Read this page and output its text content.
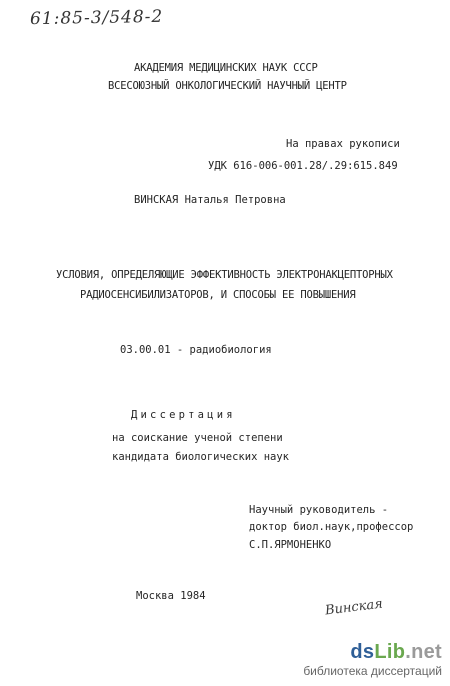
61:85-3/548-2
АКАДЕМИЯ МЕДИЦИНСКИХ НАУК СССР
ВСЕСОЮЗНЫЙ ОНКОЛОГИЧЕСКИЙ НАУЧНЫЙ ЦЕНТР
На правах рукописи
УДК 616-006-001.28/.29:615.849
ВИНСКАЯ Наталья Петровна
УСЛОВИЯ, ОПРЕДЕЛЯЮЩИЕ ЭФФЕКТИВНОСТЬ ЭЛЕКТРОНАКЦЕПТОРНЫХ
РАДИОСЕНСИБИЛИЗАТОРОВ, И СПОСОБЫ ЕЕ ПОВЫШЕНИЯ
03.00.01 - радиобиология
Диссертация
на соискание ученой степени
кандидата биологических наук
Научный руководитель -
доктор биол.наук,профессор
С.П.ЯРМОНЕНКО
Москва 1984
Винская
dsLib.net
библиотека диссертаций
